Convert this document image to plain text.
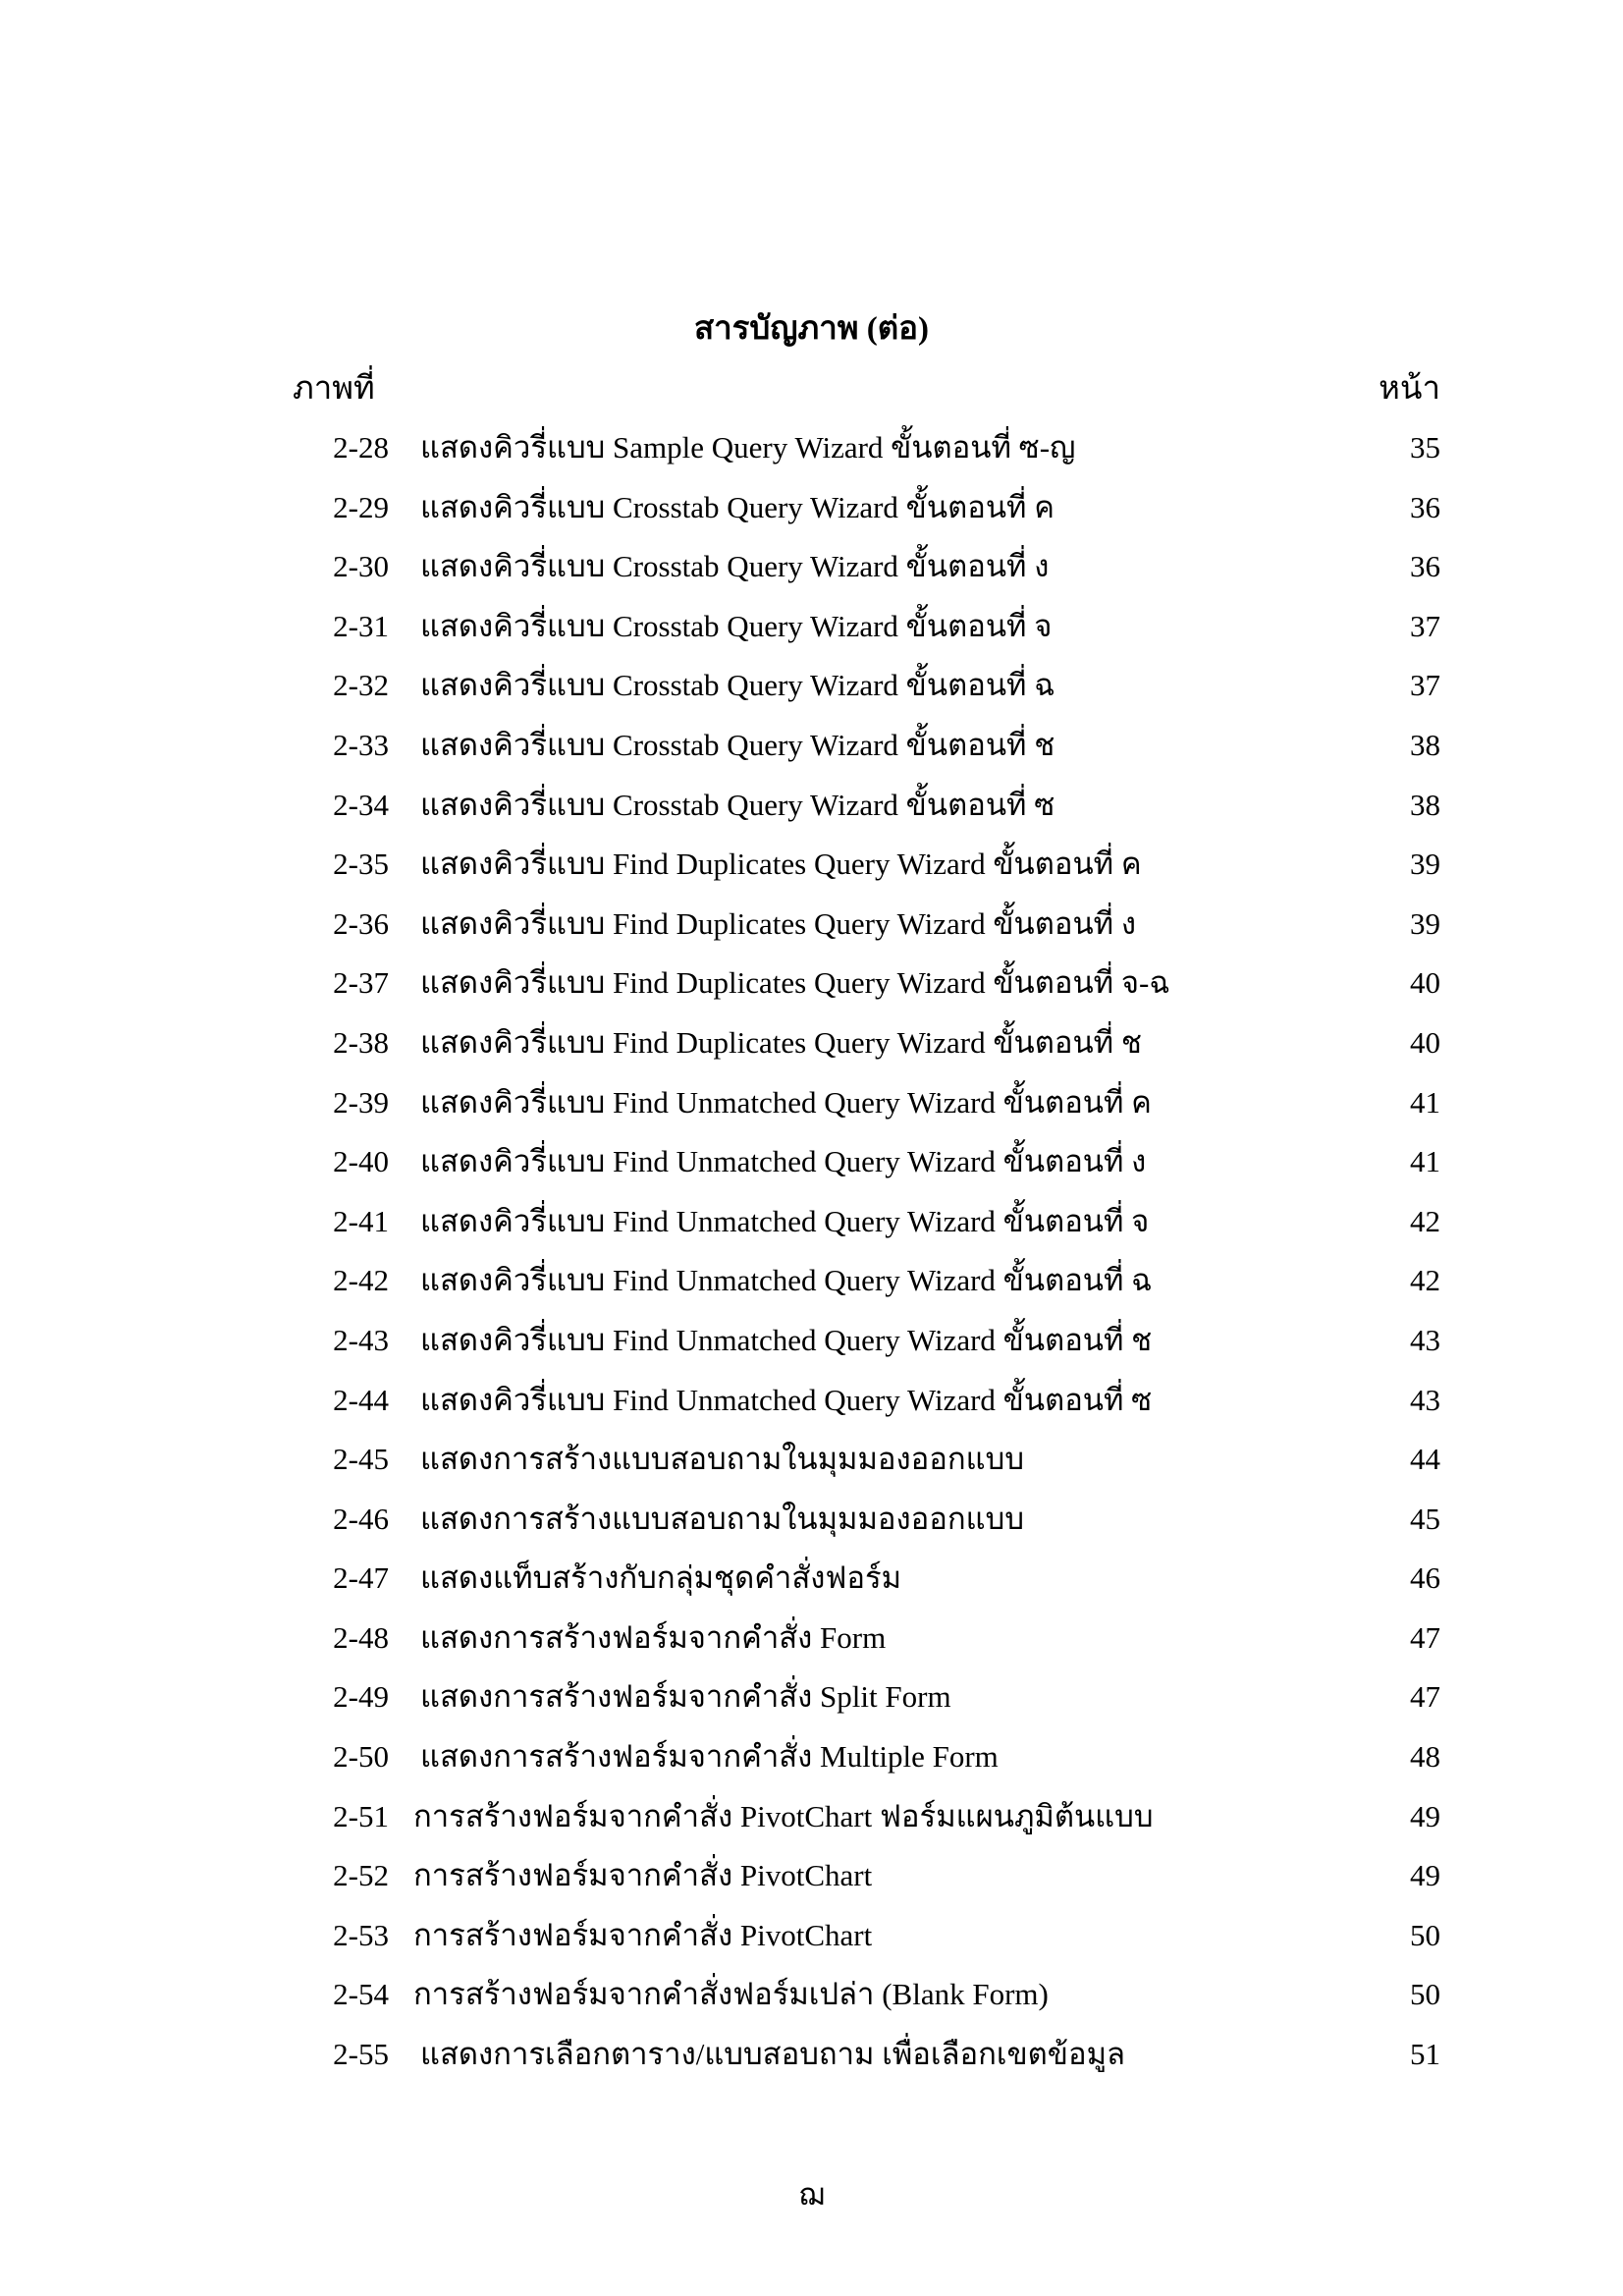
สารบัญภาพ (ต่อ)
ภาพที่	หน้า
2-28 แสดงคิวรี่แบบ Sample Query Wizard ขั้นตอนที่ ซ-ญ	35
2-29 แสดงคิวรี่แบบ Crosstab Query Wizard ขั้นตอนที่ ค	36
2-30 แสดงคิวรี่แบบ Crosstab Query Wizard ขั้นตอนที่ ง	36
2-31 แสดงคิวรี่แบบ Crosstab Query Wizard ขั้นตอนที่ จ	37
2-32 แสดงคิวรี่แบบ Crosstab Query Wizard ขั้นตอนที่ ฉ	37
2-33 แสดงคิวรี่แบบ Crosstab Query Wizard ขั้นตอนที่ ช	38
2-34 แสดงคิวรี่แบบ Crosstab Query Wizard ขั้นตอนที่ ซ	38
2-35 แสดงคิวรี่แบบ Find Duplicates Query Wizard ขั้นตอนที่ ค	39
2-36 แสดงคิวรี่แบบ Find Duplicates Query Wizard ขั้นตอนที่ ง	39
2-37 แสดงคิวรี่แบบ Find Duplicates Query Wizard ขั้นตอนที่ จ-ฉ	40
2-38 แสดงคิวรี่แบบ Find Duplicates Query Wizard ขั้นตอนที่ ช	40
2-39 แสดงคิวรี่แบบ Find Unmatched Query Wizard ขั้นตอนที่ ค	41
2-40 แสดงคิวรี่แบบ Find Unmatched Query Wizard ขั้นตอนที่ ง	41
2-41 แสดงคิวรี่แบบ Find Unmatched Query Wizard ขั้นตอนที่ จ	42
2-42 แสดงคิวรี่แบบ Find Unmatched Query Wizard ขั้นตอนที่ ฉ	42
2-43 แสดงคิวรี่แบบ Find Unmatched Query Wizard ขั้นตอนที่ ช	43
2-44 แสดงคิวรี่แบบ Find Unmatched Query Wizard ขั้นตอนที่ ซ	43
2-45 แสดงการสร้างแบบสอบถามในมุมมองออกแบบ	44
2-46 แสดงการสร้างแบบสอบถามในมุมมองออกแบบ	45
2-47 แสดงแท็บสร้างกับกลุ่มชุดคำสั่งฟอร์ม	46
2-48 แสดงการสร้างฟอร์มจากคำสั่ง Form	47
2-49 แสดงการสร้างฟอร์มจากคำสั่ง Split Form	47
2-50 แสดงการสร้างฟอร์มจากคำสั่ง Multiple Form	48
2-51 การสร้างฟอร์มจากคำสั่ง PivotChart ฟอร์มแผนภูมิต้นแบบ	49
2-52 การสร้างฟอร์มจากคำสั่ง PivotChart	49
2-53 การสร้างฟอร์มจากคำสั่ง PivotChart	50
2-54 การสร้างฟอร์มจากคำสั่งฟอร์มเปล่า (Blank Form)	50
2-55 แสดงการเลือกตาราง/แบบสอบถาม เพื่อเลือกเขตข้อมูล	51
ฌ
